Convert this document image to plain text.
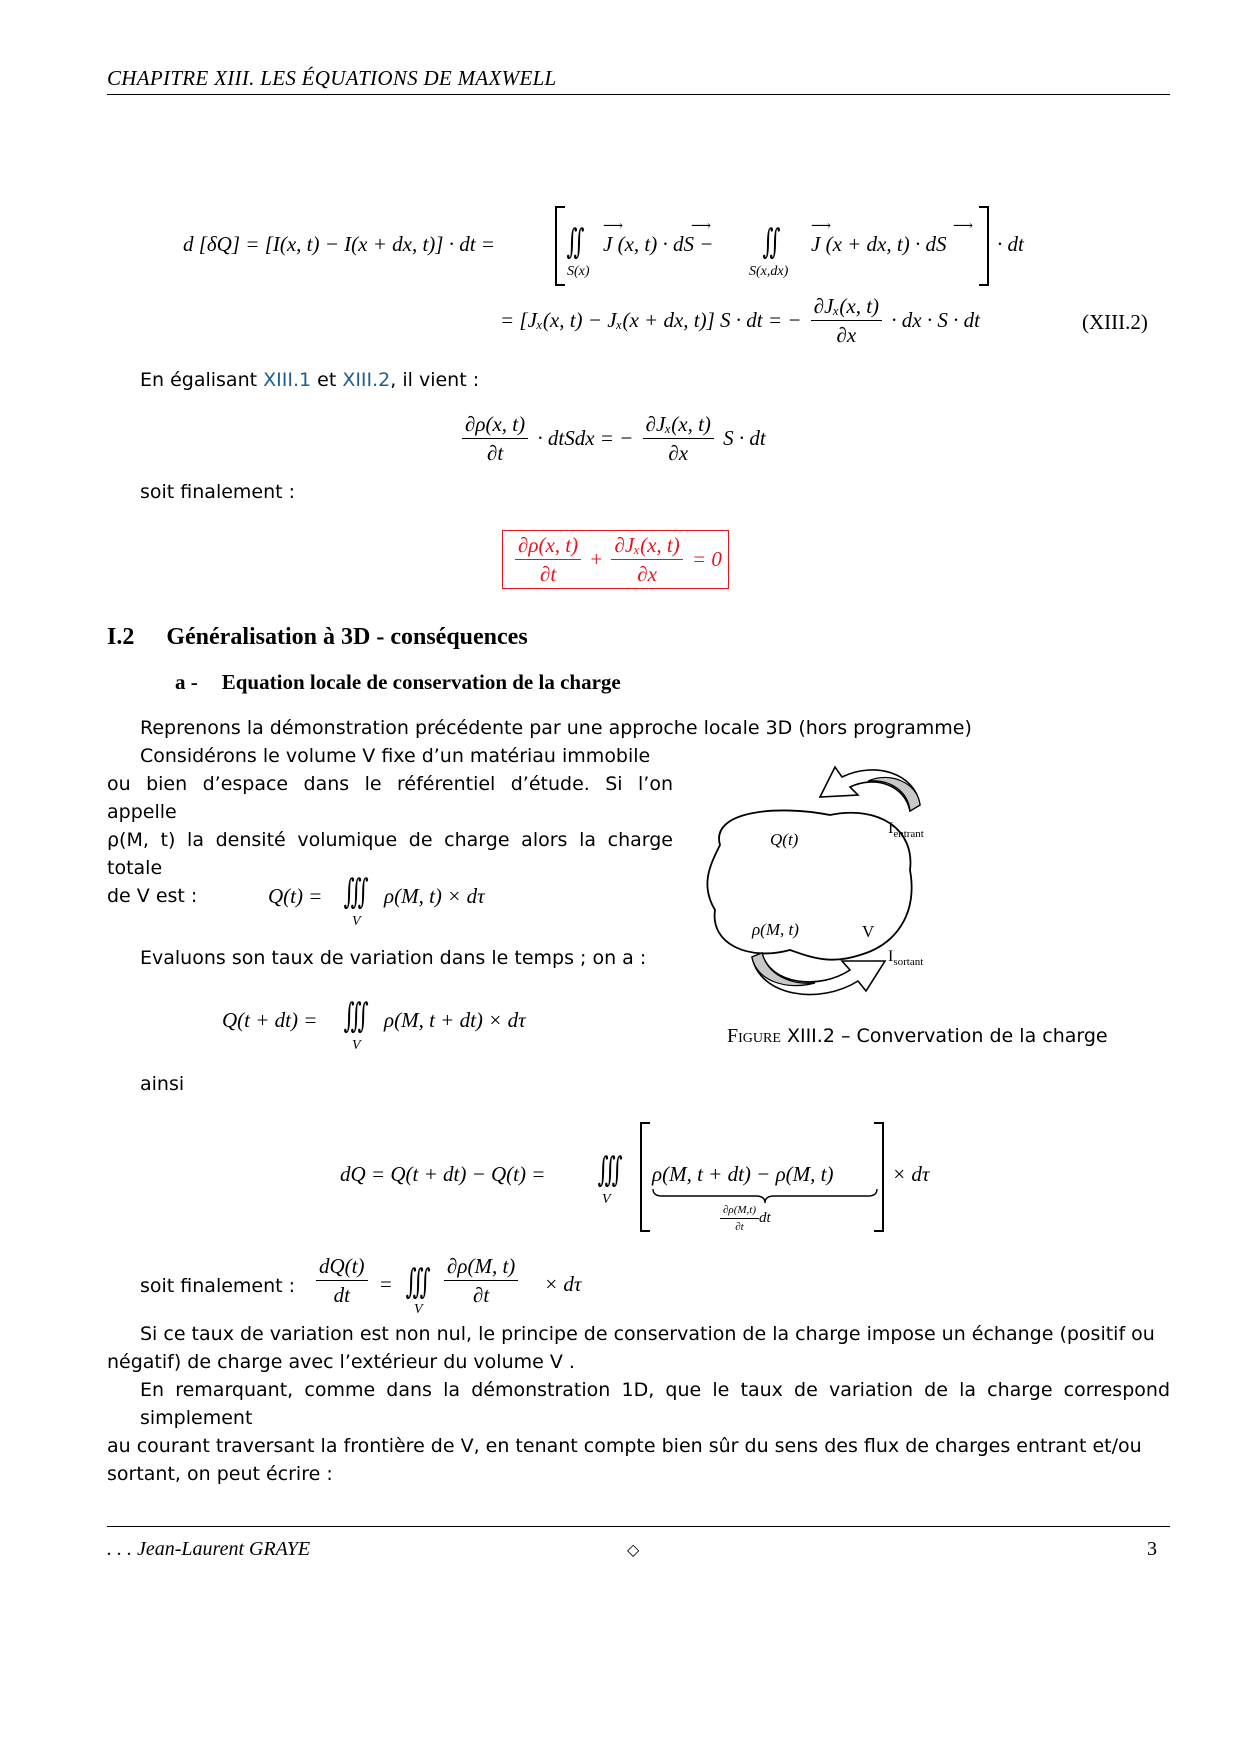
CHAPITRE XIII. LES ÉQUATIONS DE MAXWELL
d [δQ] = [I(x, t) − I(x + dx, t)] · dt = ∬
S(x)
J (x, t) · dS − ∬
S(x,dx)
J (x + dx, t) · dS · dt
⟶	⟶	⟶	⟶
= [Jₓ(x, t) − Jₓ(x + dx, t)] S · dt = − $\frac{\text{∂Jₓ(x, t)}}{\partial x}$ · dx · S · dt	(XIII.2)
En égalisant XIII.1 et XIII.2, il vient :
$\frac{\partial\rho(x, t)}{\partial t}$ · dtSdx = − $\frac{\text{∂Jₓ(x, t)}}{\partial x}$ S · dt
soit finalement :
$\frac{\partial\rho(x, t)}{\partial t} + \frac{\text{∂Jₓ(x, t)}}{\partial x} = 0$
I.2 Généralisation à 3D - conséquences
a - Equation locale de conservation de la charge
Reprenons la démonstration précédente par une approche locale 3D (hors programme)
Considérons le volume V fixe d’un matériau immobile
ou bien d’espace dans le référentiel d’étude. Si l’on appelle
ρ(M, t) la densité volumique de charge alors la charge totale
de V est :	Q(t) = ∭
V
ρ(M, t) × dτ
Evaluons son taux de variation dans le temps ; on a :
Q(t + dt) = ∭
V
ρ(M, t + dt) × dτ
Q(t)
ρ(M, t)	V
$I_{entrant}$
$I_{sortant}$
Figure XIII.2 – Convervation de la charge
ainsi
dQ = Q(t + dt) − Q(t) = ∭
V
ρ(M, t + dt) − ρ(M, t)
$\frac{\partial\rho(M,t)}{\partial t}$ dt
× dτ
soit finalement : $\frac{dQ(t)}{dt}$ = ∭
V
$\frac{\partial\rho(M, t)}{\partial t} \times d\tau$
Si ce taux de variation est non nul, le principe de conservation de la charge impose un échange (positif ou
négatif) de charge avec l’extérieur du volume V .
En remarquant, comme dans la démonstration 1D, que le taux de variation de la charge correspond simplement
au courant traversant la frontière de V, en tenant compte bien sûr du sens des flux de charges entrant et/ou
sortant, on peut écrire :
. . . Jean-Laurent GRAYE	◇	3
